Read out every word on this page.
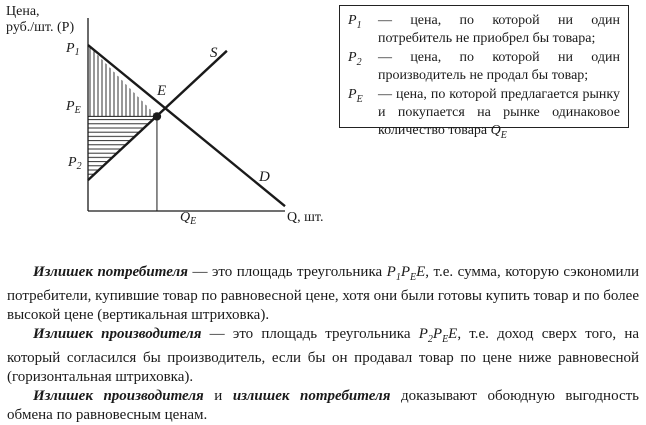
Цена,
руб./шт. (P)
Q, шт.
$P_1$
$P_E$
$P_2$
$Q_E$
E
S
D
$P_1$ — цена, по которой ни один потребитель не приобрел бы товара;
$P_2$ — цена, по которой ни один производитель не продал бы товар;
$P_E$ — цена, по которой предлагается рынку и покупается на рынке одинаковое количество товара $Q_E$

Излишек потребителя — это площадь треугольника $P_1P_EE$, т.е. сумма, которую сэкономили потребители, купившие товар по равновесной цене, хотя они были готовы купить товар и по более высокой цене (вертикальная штриховка).

Излишек производителя — это площадь треугольника $P_2P_EE$, т.е. доход сверх того, на который согласился бы производитель, если бы он продавал товар по цене ниже равновесной (горизонтальная штриховка).

Излишек производителя и излишек потребителя доказывают обоюдную выгодность обмена по равновесным ценам.
